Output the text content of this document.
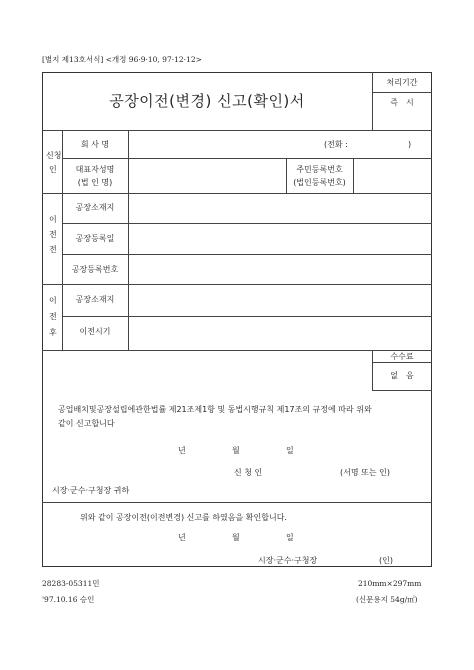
[별지 제13호서식] <개정 96·9·10, 97·12·12>
공장이전(변경) 신고(확인)서
처리기간
즉　시
신청
인
회 사 명	(전화 :	)
대표자성명
(법 인 명)
주민등록번호
(법인등록번호)
이
전
전
공장소재지
공장등록일
공장등록번호
이
전
후
공장소재지
이전시기
수수료
없　음
공업배치및공장설립에관한법률 제21조제1항 및 동법시행규칙 제17조의 규정에 따라 위와
같이 신고합니다
년	월	일
신 청 인	(서명 또는 인)
시장·군수·구청장 귀하
위와 같이 공장이전(이전변경) 신고를 하였음을 확인합니다.
년	월	일
시장·군수·구청장	(인)
28283-05311민
'97.10.16 승인
210mm×297mm
(신문용지 54g/㎡)
